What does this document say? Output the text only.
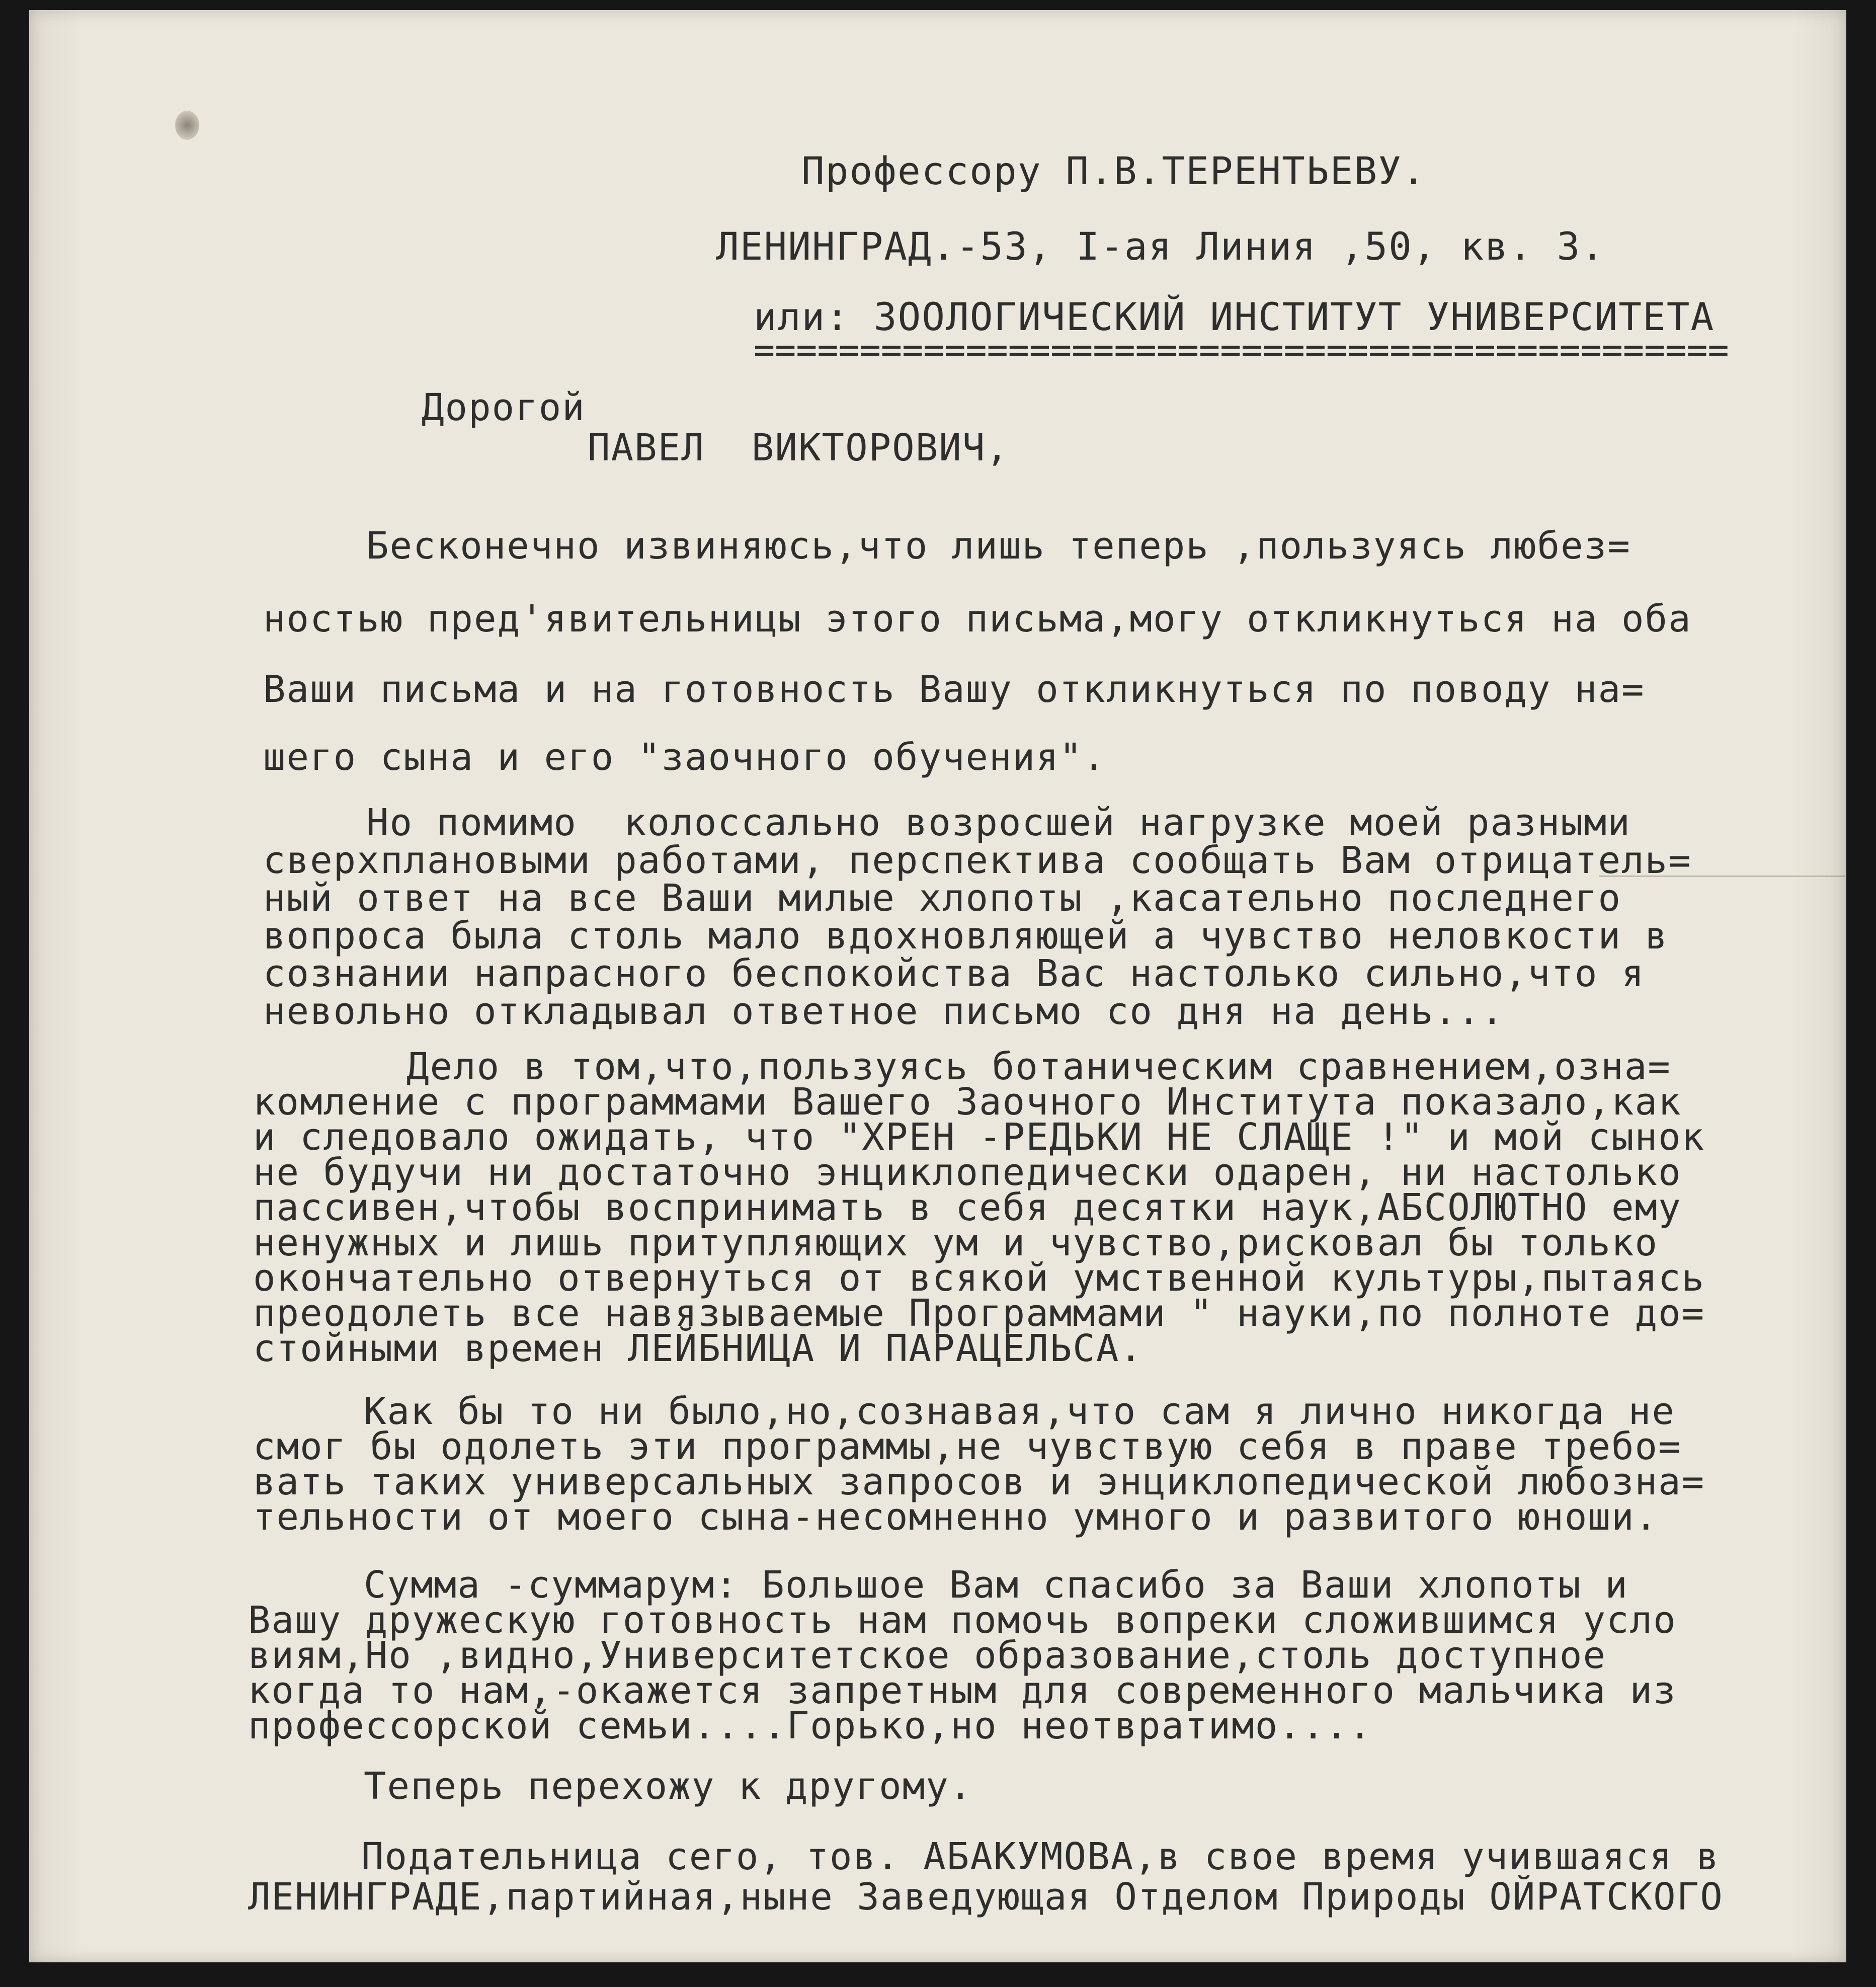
Профессору П.В.ТЕРЕНТЬЕВУ.
ЛЕНИНГРАД.-53, I-ая Линия ,50, кв. 3.
или: ЗООЛОГИЧЕСКИЙ ИНСТИТУТ УНИВЕРСИТЕТА
==============================================
Дорогой
ПАВЕЛ  ВИКТОРОВИЧ,
Бесконечно извиняюсь,что лишь теперь ,пользуясь любез=
ностью пред'явительницы этого письма,могу откликнуться на оба
Ваши письма и на готовность Вашу откликнуться по поводу на=
шего сына и его "заочного обучения".
Но помимо  колоссально возросшей нагрузке моей разными
сверхплановыми работами, перспектива сообщать Вам отрицатель=
ный ответ на все Ваши милые хлопоты ,касательно последнего
вопроса была столь мало вдохновляющей а чувство неловкости в
сознании напрасного беспокойства Вас настолько сильно,что я
невольно откладывал ответное письмо со дня на день...
Дело в том,что,пользуясь ботаническим сравнением,озна=
комление с программами Вашего Заочного Института показало,как
и следовало ожидать, что "ХРЕН -РЕДЬКИ НЕ СЛАЩЕ !" и мой сынок
не будучи ни достаточно энциклопедически одарен, ни настолько
пассивен,чтобы воспринимать в себя десятки наук,АБСОЛЮТНО ему
ненужных и лишь притупляющих ум и чувство,рисковал бы только
окончательно отвернуться от всякой умственной культуры,пытаясь
преодолеть все навязываемые Программами " науки,по полноте до=
стойными времен ЛЕЙБНИЦА И ПАРАЦЕЛЬСА.
Как бы то ни было,но,сознавая,что сам я лично никогда не
смог бы одолеть эти программы,не чувствую себя в праве требо=
вать таких универсальных запросов и энциклопедической любозна=
тельности от моего сына-несомненно умного и развитого юноши.
Сумма -суммарум: Большое Вам спасибо за Ваши хлопоты и
Вашу дружескую готовность нам помочь вопреки сложившимся усло
виям,Но ,видно,Университетское образование,столь доступное
когда то нам,-окажется запретным для современного мальчика из
профессорской семьи....Горько,но неотвратимо....
Теперь перехожу к другому.
Подательница сего, тов. АБАКУМОВА,в свое время учившаяся в
ЛЕНИНГРАДЕ,партийная,ныне Заведующая Отделом Природы ОЙРАТСКОГО
